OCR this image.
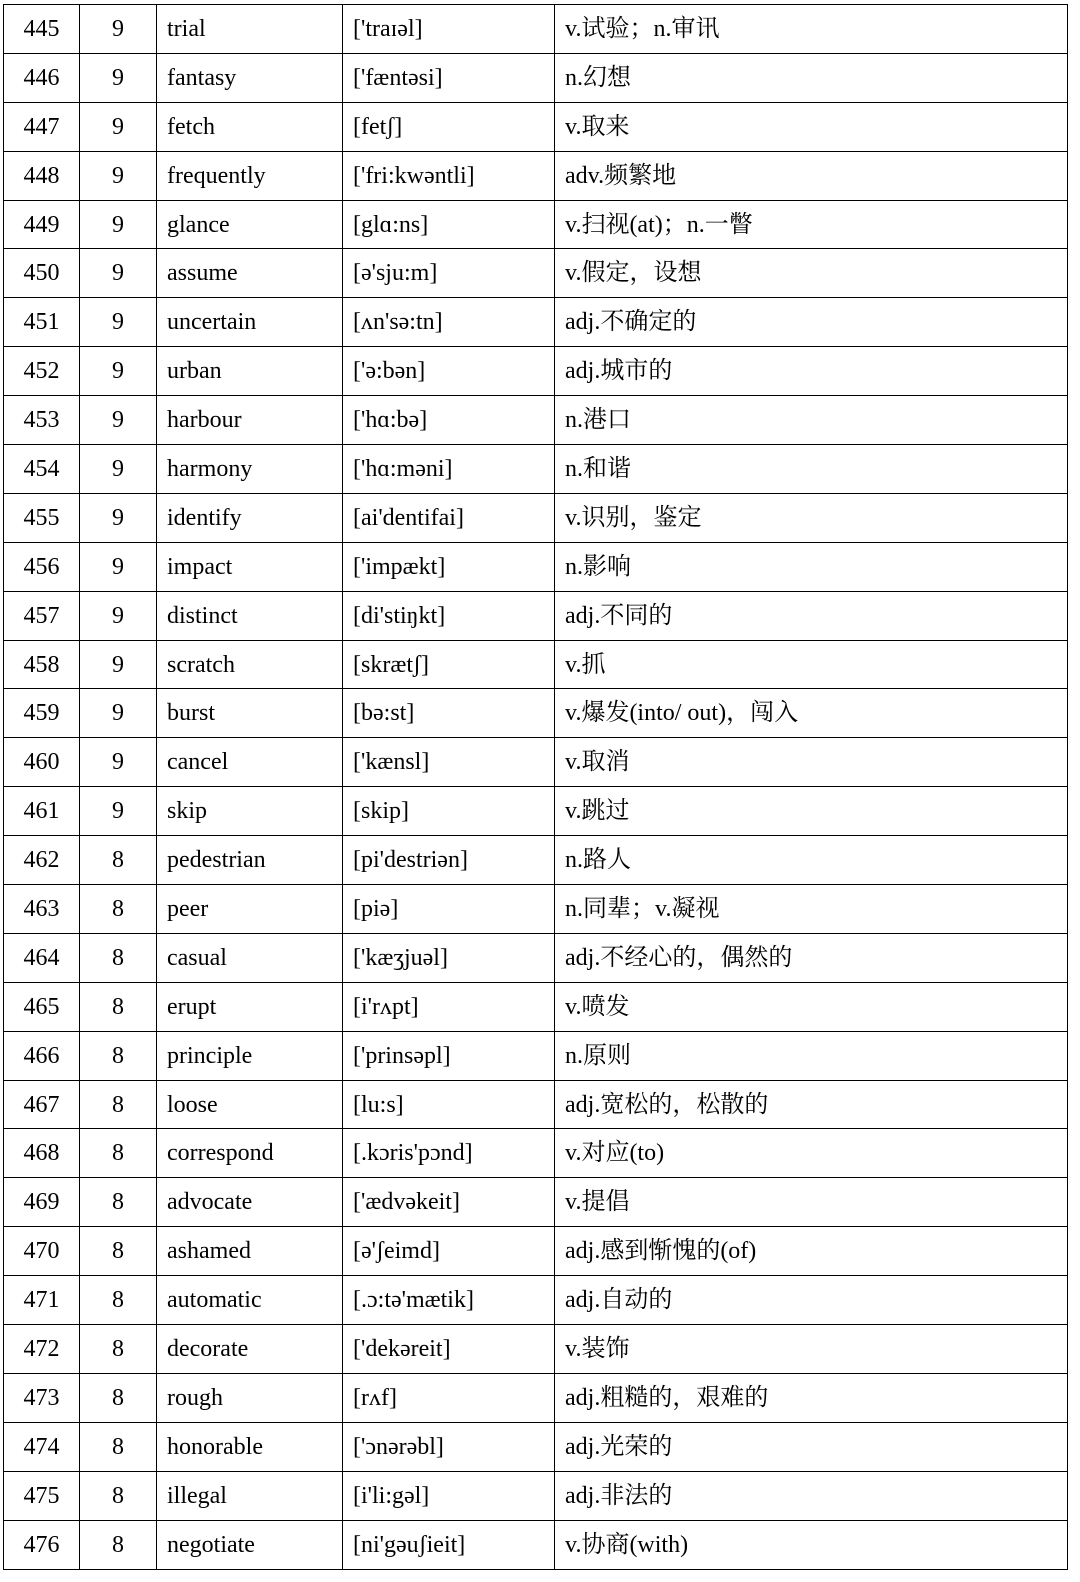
445	9	trial	['traɪəl]	v.试验；n.审讯
446	9	fantasy	['fæntəsi]	n.幻想
447	9	fetch	[fetʃ]	v.取来
448	9	frequently	['fri:kwəntli]	adv.频繁地
449	9	glance	[glɑ:ns]	v.扫视(at)；n.一瞥
450	9	assume	[ə'sju:m]	v.假定，设想
451	9	uncertain	[ʌn'sə:tn]	adj.不确定的
452	9	urban	['ə:bən]	adj.城市的
453	9	harbour	['hɑ:bə]	n.港口
454	9	harmony	['hɑ:məni]	n.和谐
455	9	identify	[ai'dentifai]	v.识别，鉴定
456	9	impact	['impækt]	n.影响
457	9	distinct	[di'stiŋkt]	adj.不同的
458	9	scratch	[skrætʃ]	v.抓
459	9	burst	[bə:st]	v.爆发(into/ out)，闯入
460	9	cancel	['kænsl]	v.取消
461	9	skip	[skip]	v.跳过
462	8	pedestrian	[pi'destriən]	n.路人
463	8	peer	[piə]	n.同辈；v.凝视
464	8	casual	['kæʒjuəl]	adj.不经心的，偶然的
465	8	erupt	[i'rʌpt]	v.喷发
466	8	principle	['prinsəpl]	n.原则
467	8	loose	[lu:s]	adj.宽松的，松散的
468	8	correspond	[.kɔris'pɔnd]	v.对应(to)
469	8	advocate	['ædvəkeit]	v.提倡
470	8	ashamed	[ə'ʃeimd]	adj.感到惭愧的(of)
471	8	automatic	[.ɔ:tə'mætik]	adj.自动的
472	8	decorate	['dekəreit]	v.装饰
473	8	rough	[rʌf]	adj.粗糙的，艰难的
474	8	honorable	['ɔnərəbl]	adj.光荣的
475	8	illegal	[i'li:gəl]	adj.非法的
476	8	negotiate	[ni'gəuʃieit]	v.协商(with)
